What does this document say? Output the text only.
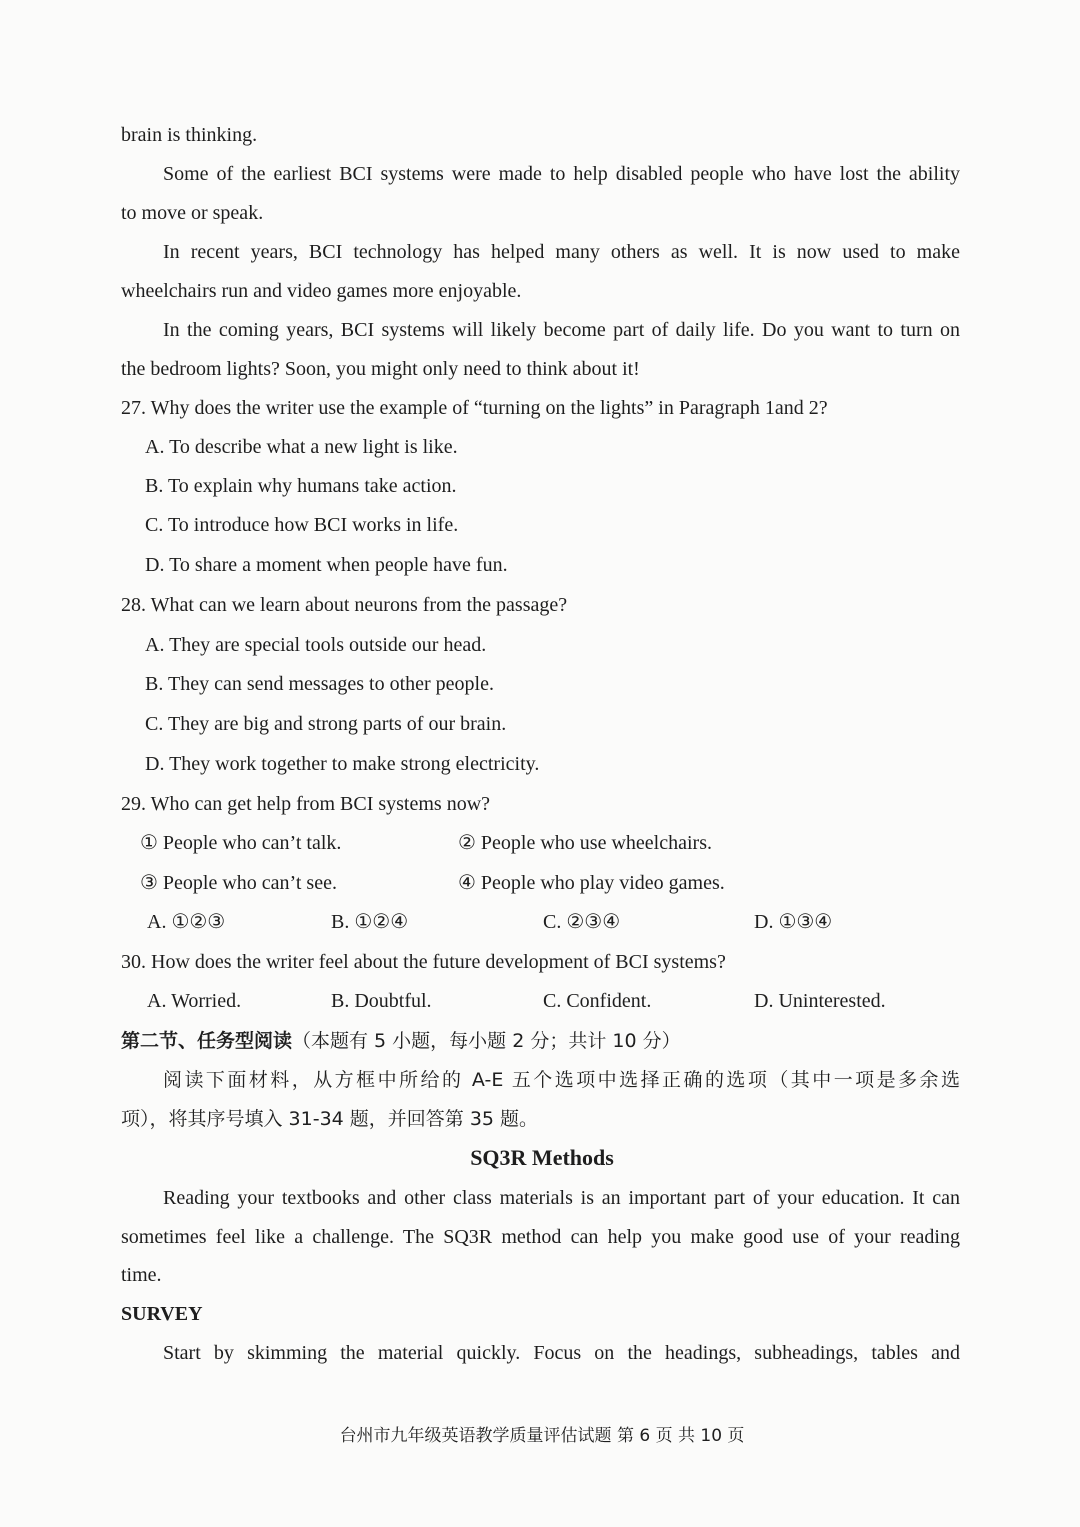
brain is thinking.
Some of the earliest BCI systems were made to help disabled people who have lost the ability
to move or speak.
In recent years, BCI technology has helped many others as well. It is now used to make
wheelchairs run and video games more enjoyable.
In the coming years, BCI systems will likely become part of daily life. Do you want to turn on
the bedroom lights? Soon, you might only need to think about it!
27. Why does the writer use the example of “turning on the lights” in Paragraph 1and 2?
A. To describe what a new light is like.
B. To explain why humans take action.
C. To introduce how BCI works in life.
D. To share a moment when people have fun.
28. What can we learn about neurons from the passage?
A. They are special tools outside our head.
B. They can send messages to other people.
C. They are big and strong parts of our brain.
D. They work together to make strong electricity.
29. Who can get help from BCI systems now?
① People who can’t talk.	② People who use wheelchairs.
③ People who can’t see.	④ People who play video games.
A. ①②③	B. ①②④	C. ②③④	D. ①③④
30. How does the writer feel about the future development of BCI systems?
A. Worried.	B. Doubtful.	C. Confident.	D. Uninterested.
第二节、任务型阅读（本题有 5 小题，每小题 2 分；共计 10 分）
阅读下面材料，从方框中所给的 A-E 五个选项中选择正确的选项（其中一项是多余选
项），将其序号填入 31-34 题，并回答第 35 题。
SQ3R Methods
Reading your textbooks and other class materials is an important part of your education. It can
sometimes feel like a challenge. The SQ3R method can help you make good use of your reading
time.
SURVEY
Start by skimming the material quickly. Focus on the headings, subheadings, tables and
台州市九年级英语教学质量评估试题 第 6 页 共 10 页
